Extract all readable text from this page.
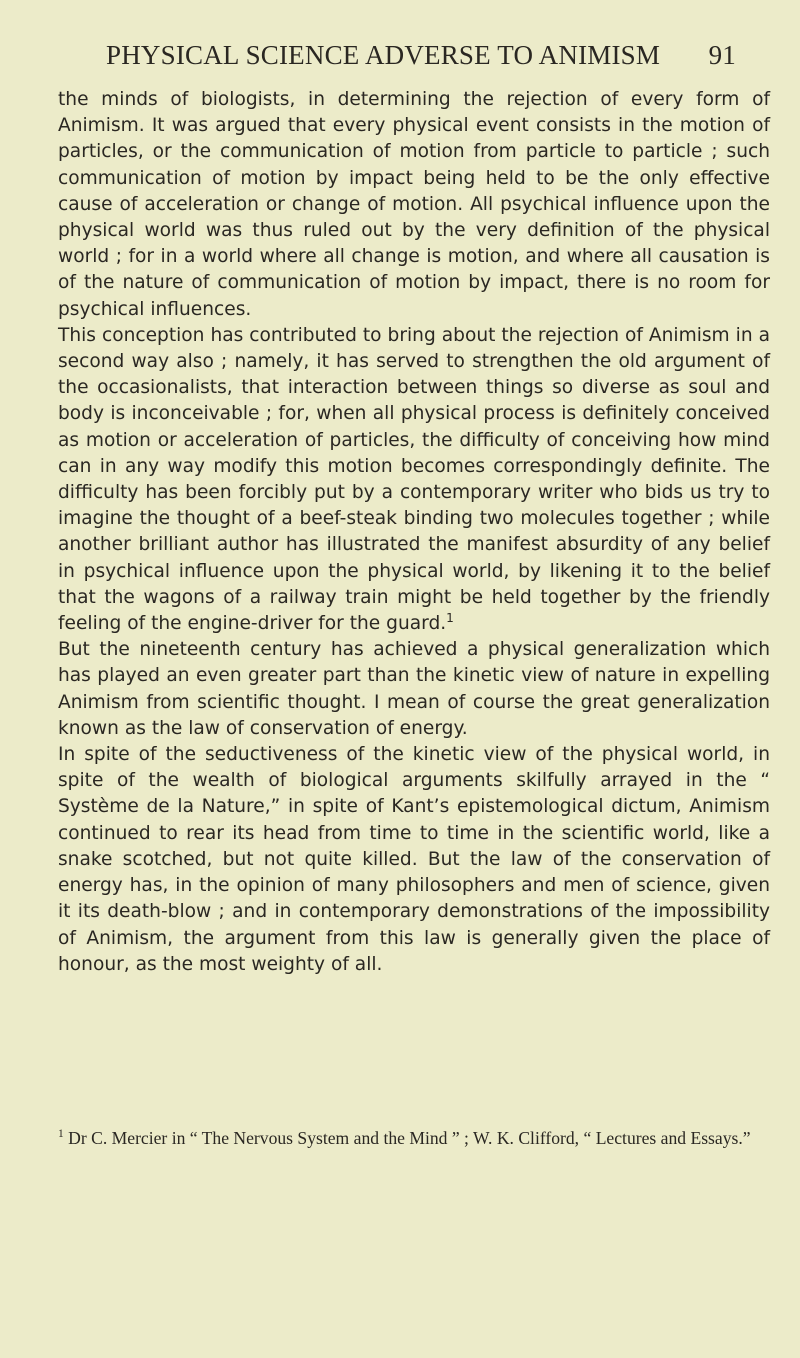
PHYSICAL SCIENCE ADVERSE TO ANIMISM 91

the minds of biologists, in determining the rejection of every form of Animism. It was argued that every physical event consists in the motion of particles, or the communication of motion from particle to particle ; such communication of motion by impact being held to be the only effective cause of acceleration or change of motion. All psychical influence upon the physical world was thus ruled out by the very definition of the physical world ; for in a world where all change is motion, and where all causation is of the nature of communication of motion by impact, there is no room for psychical influences.

This conception has contributed to bring about the rejection of Animism in a second way also ; namely, it has served to strengthen the old argument of the occasionalists, that interaction between things so diverse as soul and body is inconceivable ; for, when all physical process is definitely conceived as motion or acceleration of particles, the difficulty of conceiving how mind can in any way modify this motion becomes correspondingly definite. The difficulty has been forcibly put by a contemporary writer who bids us try to imagine the thought of a beef-steak binding two molecules together ; while another brilliant author has illustrated the manifest absurdity of any belief in psychical influence upon the physical world, by likening it to the belief that the wagons of a railway train might be held together by the friendly feeling of the engine-driver for the guard.$^1$

But the nineteenth century has achieved a physical generalization which has played an even greater part than the kinetic view of nature in expelling Animism from scientific thought. I mean of course the great generalization known as the law of conservation of energy.

In spite of the seductiveness of the kinetic view of the physical world, in spite of the wealth of biological arguments skilfully arrayed in the “ Système de la Nature,” in spite of Kant’s epistemological dictum, Animism continued to rear its head from time to time in the scientific world, like a snake scotched, but not quite killed. But the law of the conservation of energy has, in the opinion of many philosophers and men of science, given it its death-blow ; and in contemporary demonstrations of the impossibility of Animism, the argument from this law is generally given the place of honour, as the most weighty of all.

$^1$ Dr C. Mercier in “ The Nervous System and the Mind ” ; W. K. Clifford, “ Lectures and Essays.”
